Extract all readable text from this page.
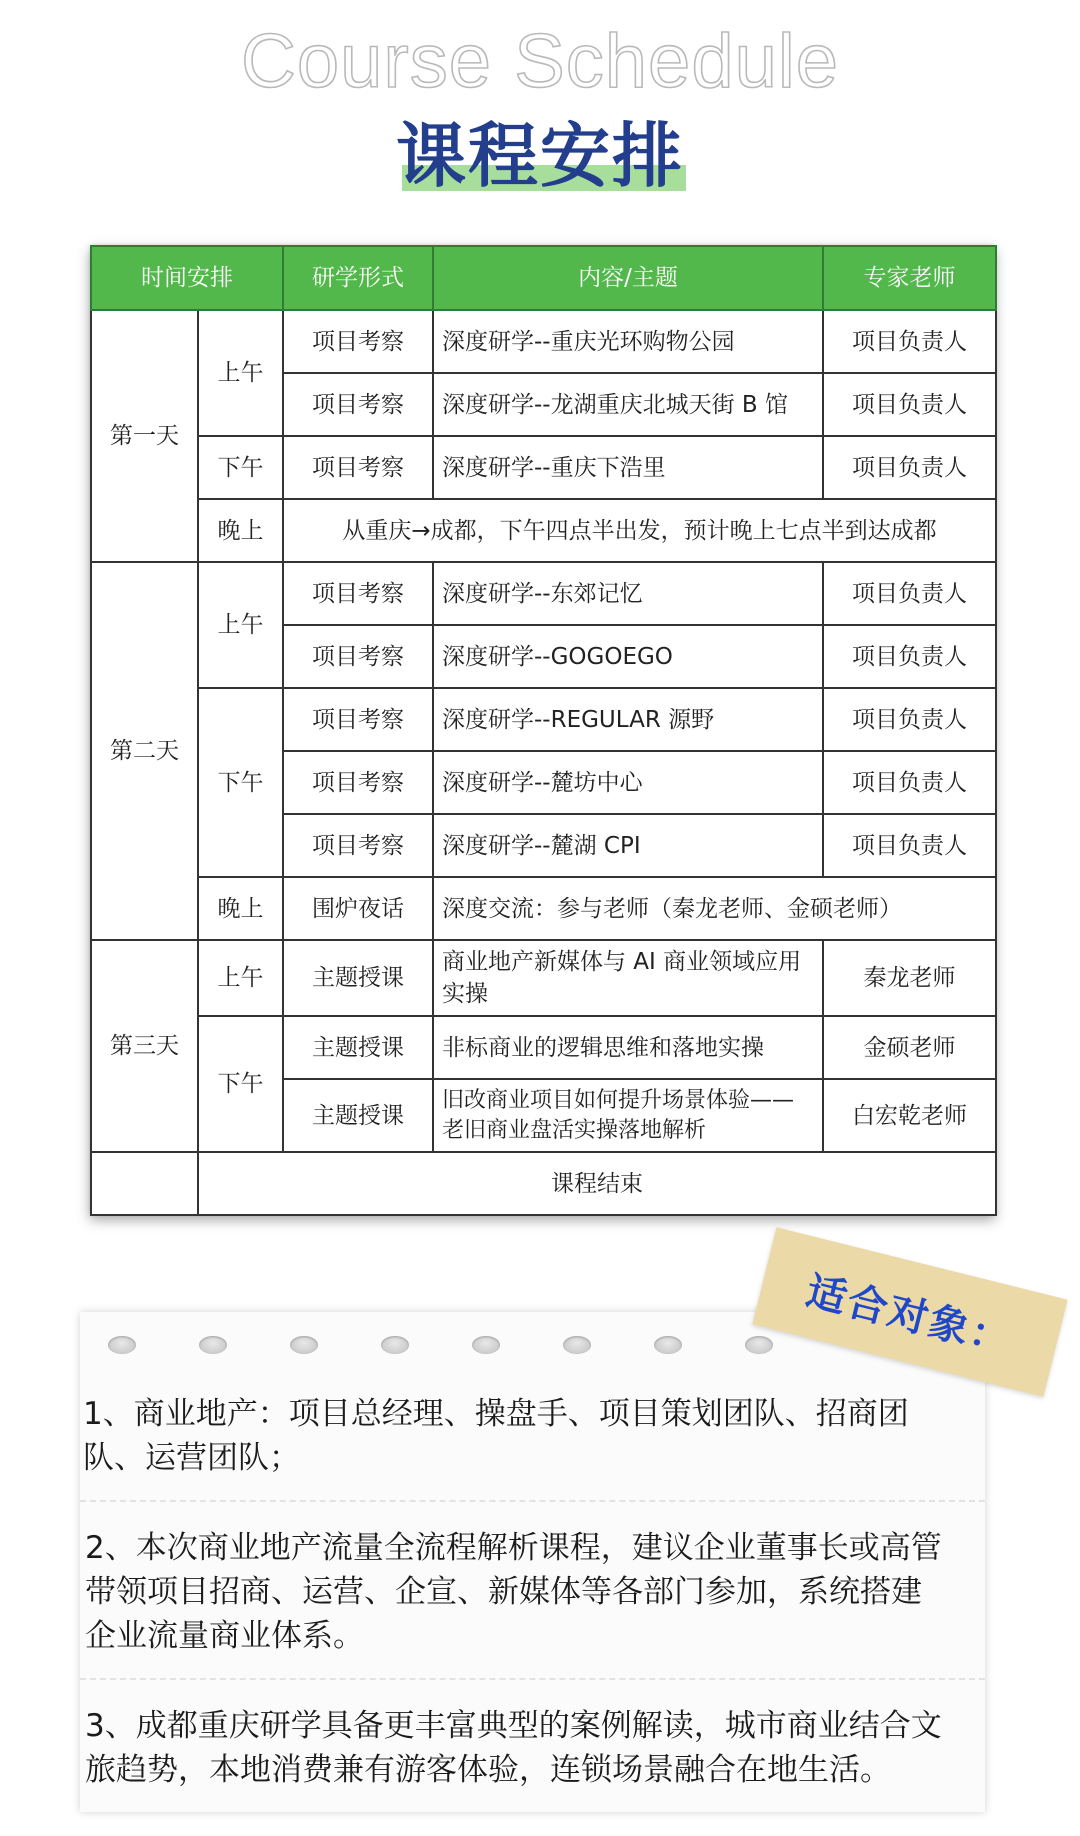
Course Schedule
课程安排
时间安排		研学形式	内容/主题	专家老师
第一天	上午	项目考察	深度研学--重庆光环购物公园	项目负责人
		项目考察	深度研学--龙湖重庆北城天街 B 馆	项目负责人
	下午	项目考察	深度研学--重庆下浩里	项目负责人
	晚上	从重庆→成都，下午四点半出发，预计晚上七点半到达成都		
第二天	上午	项目考察	深度研学--东郊记忆	项目负责人
		项目考察	深度研学--GOGOEGO	项目负责人
	下午	项目考察	深度研学--REGULAR 源野	项目负责人
		项目考察	深度研学--麓坊中心	项目负责人
		项目考察	深度研学--麓湖 CPI	项目负责人
	晚上	围炉夜话	深度交流：参与老师（秦龙老师、金硕老师）	
第三天	上午	主题授课	商业地产新媒体与 AI 商业领域应用实操	秦龙老师
	下午	主题授课	非标商业的逻辑思维和落地实操	金硕老师
		主题授课	旧改商业项目如何提升场景体验——老旧商业盘活实操落地解析	白宏乾老师
	课程结束			
1、商业地产：项目总经理、操盘手、项目策划团队、招商团队、运营团队；
2、本次商业地产流量全流程解析课程，建议企业董事长或高管带领项目招商、运营、企宣、新媒体等各部门参加，系统搭建企业流量商业体系。
3、成都重庆研学具备更丰富典型的案例解读，城市商业结合文旅趋势，本地消费兼有游客体验，连锁场景融合在地生活。
适合对象：
